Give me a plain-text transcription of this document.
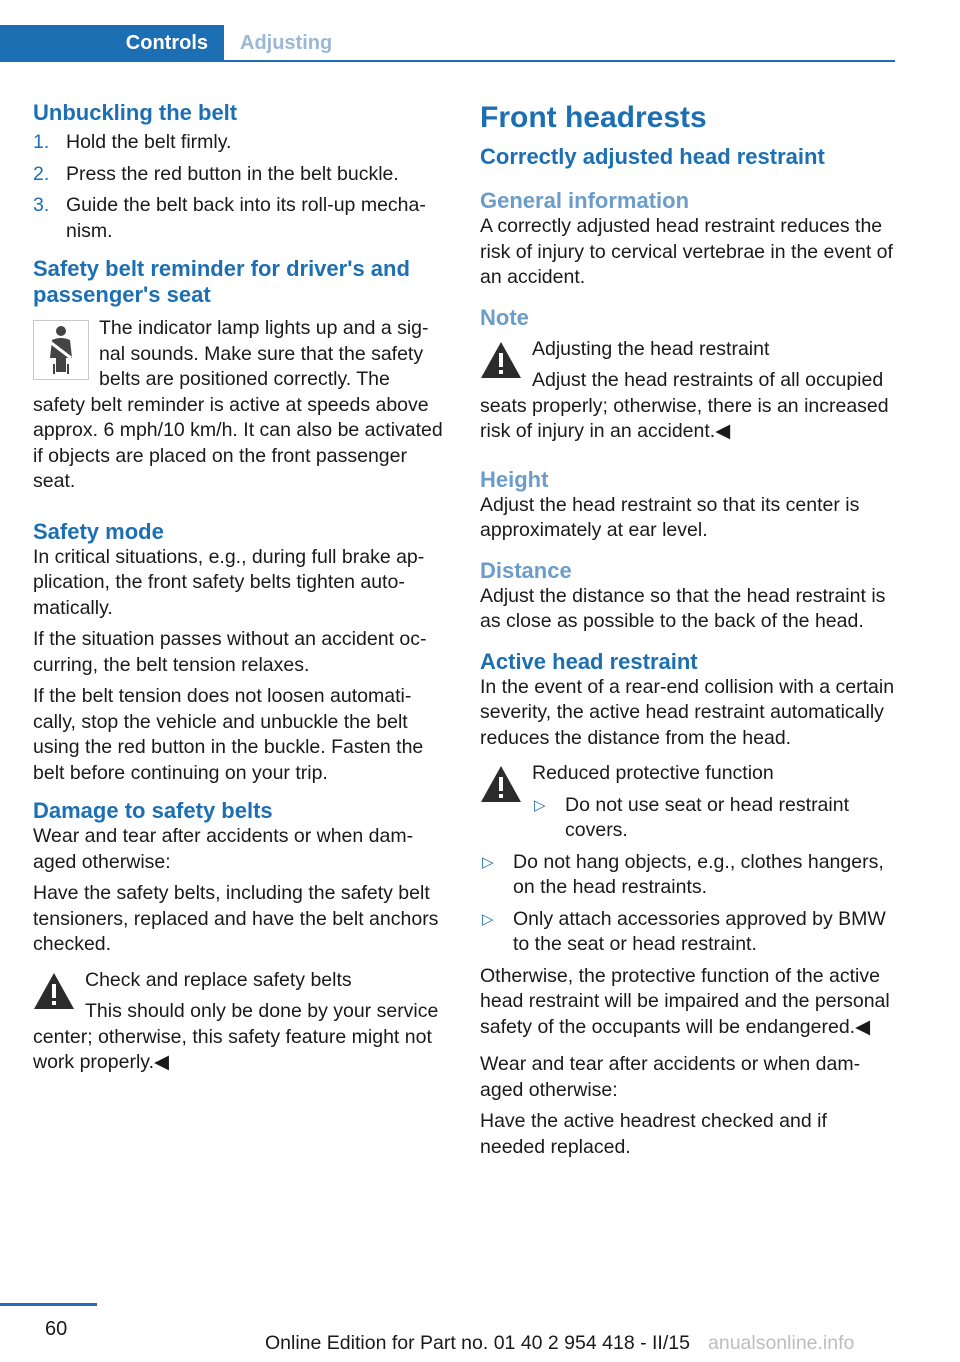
Controls	Adjusting
Unbuckling the belt
1. Hold the belt firmly.
2. Press the red button in the belt buckle.
3. Guide the belt back into its roll-up mechanism.
Safety belt reminder for driver's and passenger's seat

The indicator lamp lights up and a signal sounds. Make sure that the safety belts are positioned correctly. The safety belt reminder is active at speeds above approx. 6 mph/10 km/h. It can also be activated if objects are placed on the front passenger seat.

Safety mode

In critical situations, e.g., during full brake application, the front safety belts tighten automatically.

If the situation passes without an accident occurring, the belt tension relaxes.

If the belt tension does not loosen automatically, stop the vehicle and unbuckle the belt using the red button in the buckle. Fasten the belt before continuing on your trip.

Damage to safety belts

Wear and tear after accidents or when damaged otherwise:

Have the safety belts, including the safety belt tensioners, replaced and have the belt anchors checked.

Check and replace safety belts

This should only be done by your service center; otherwise, this safety feature might not work properly.◀

Front headrests
Correctly adjusted head restraint
General information

A correctly adjusted head restraint reduces the risk of injury to cervical vertebrae in the event of an accident.

Note

Adjusting the head restraint

Adjust the head restraints of all occupied seats properly; otherwise, there is an increased risk of injury in an accident.◀

Height

Adjust the head restraint so that its center is approximately at ear level.

Distance

Adjust the distance so that the head restraint is as close as possible to the back of the head.

Active head restraint

In the event of a rear-end collision with a certain severity, the active head restraint automatically reduces the distance from the head.

Reduced protective function

▷ Do not use seat or head restraint covers.
▷ Do not hang objects, e.g., clothes hangers, on the head restraints.
▷ Only attach accessories approved by BMW to the seat or head restraint.

Otherwise, the protective function of the active head restraint will be impaired and the personal safety of the occupants will be endangered.◀

Wear and tear after accidents or when damaged otherwise:

Have the active headrest checked and if needed replaced.

60
Online Edition for Part no. 01 40 2 954 418 - II/15 anualsonline.info
